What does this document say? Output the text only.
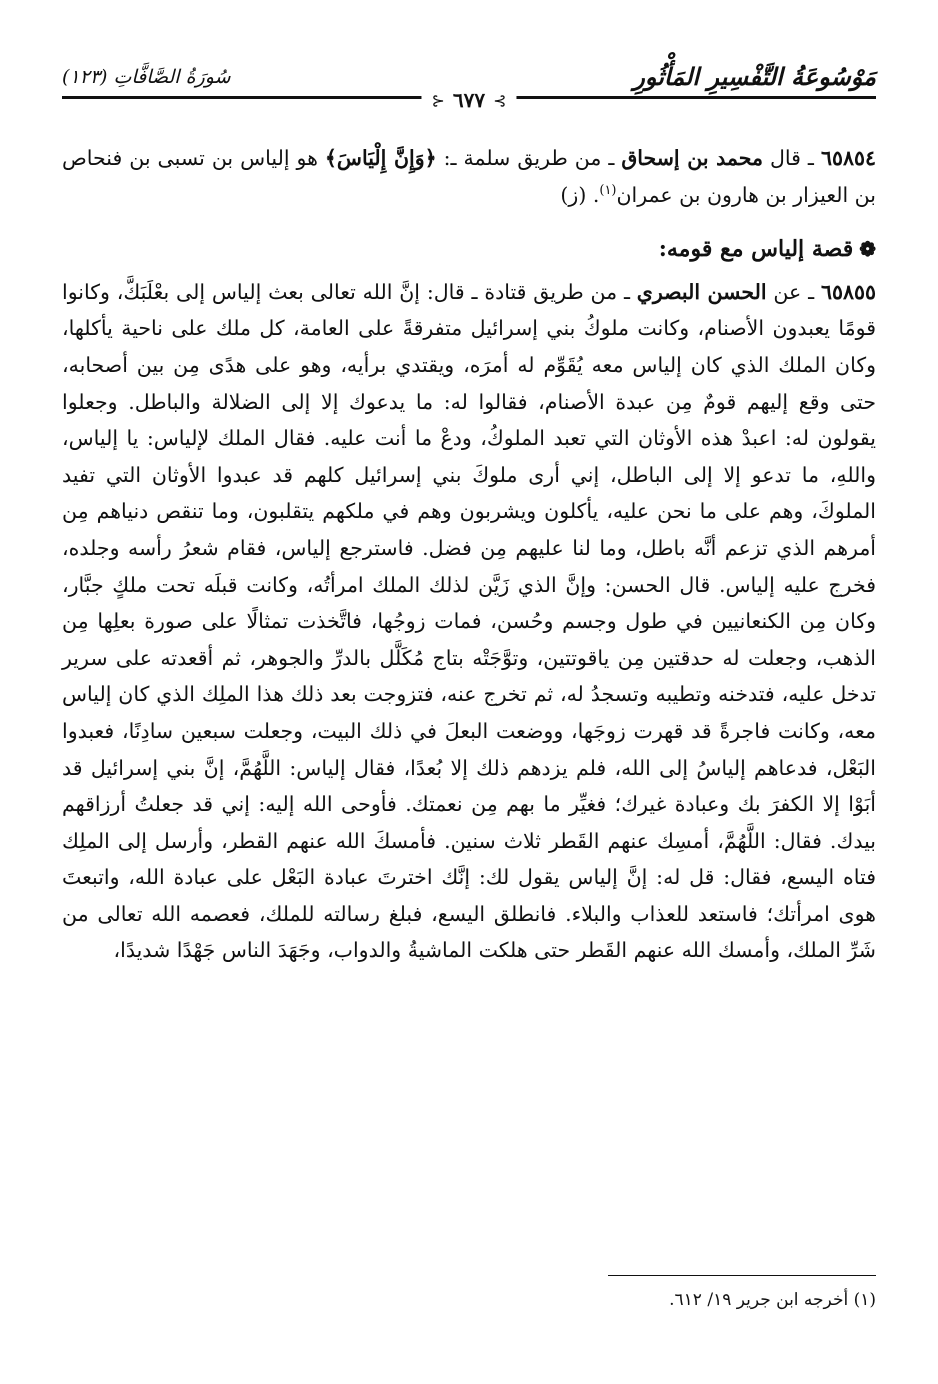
مَوْسُوعَةُ التَّفْسِيرِ المَأْثُورِ
سُورَةُ الصَّافَّاتِ (١٢٣)
⊱
٦٧٧
⊰

٦٥٨٥٤ ـ قال محمد بن إسحاق ـ من طريق سلمة ـ: ﴿وَإِنَّ إِلْيَاسَ﴾ هو إلياس بن تسبى بن فنحاص بن العيزار بن هارون بن عمران$^{(١)}$. (ز)

❁قصة إلياس مع قومه:

٦٥٨٥٥ ـ عن الحسن البصري ـ من طريق قتادة ـ قال: إنَّ الله تعالى بعث إلياس إلى بعْلَبَكَّ، وكانوا قومًا يعبدون الأصنام، وكانت ملوكُ بني إسرائيل متفرقةً على العامة، كل ملك على ناحية يأكلها، وكان الملك الذي كان إلياس معه يُقَوِّم له أمرَه، ويقتدي برأيه، وهو على هدًى مِن بين أصحابه، حتى وقع إليهم قومٌ مِن عبدة الأصنام، فقالوا له: ما يدعوك إلا إلى الضلالة والباطل. وجعلوا يقولون له: اعبدْ هذه الأوثان التي تعبد الملوكُ، ودعْ ما أنت عليه. فقال الملك لإلياس: يا إلياس، واللهِ، ما تدعو إلا إلى الباطل، إني أرى ملوكَ بني إسرائيل كلهم قد عبدوا الأوثان التي تفيد الملوكَ، وهم على ما نحن عليه، يأكلون ويشربون وهم في ملكهم يتقلبون، وما تنقص دنياهم مِن أمرهم الذي تزعم أنَّه باطل، وما لنا عليهم مِن فضل. فاسترجع إلياس، فقام شعرُ رأسه وجلده، فخرج عليه إلياس. قال الحسن: وإنَّ الذي زَيَّن لذلك الملك امرأتُه، وكانت قبلَه تحت ملكٍ جبَّار، وكان مِن الكنعانيين في طول وجسم وحُسن، فمات زوجُها، فاتَّخذت تمثالًا على صورة بعلِها مِن الذهب، وجعلت له حدقتين مِن ياقوتتين، وتوَّجَتْه بتاج مُكَلَّل بالدرِّ والجوهر، ثم أقعدته على سرير تدخل عليه، فتدخنه وتطيبه وتسجدُ له، ثم تخرج عنه، فتزوجت بعد ذلك هذا الملِك الذي كان إلياس معه، وكانت فاجرةً قد قهرت زوجَها، ووضعت البعلَ في ذلك البيت، وجعلت سبعين سادِنًا، فعبدوا البَعْل، فدعاهم إلياسُ إلى الله، فلم يزدهم ذلك إلا بُعدًا، فقال إلياس: اللَّهُمَّ، إنَّ بني إسرائيل قد أبَوْا إلا الكفرَ بك وعبادة غيرك؛ فغيِّر ما بهم مِن نعمتك. فأوحى الله إليه: إني قد جعلتُ أرزاقهم بيدك. فقال: اللَّهُمَّ، أمسِك عنهم القَطر ثلاث سنين. فأمسكَ الله عنهم القطر، وأرسل إلى الملِك فتاه اليسع، فقال: قل له: إنَّ إلياس يقول لك: إنَّك اخترتَ عبادة البَعْل على عبادة الله، واتبعتَ هوى امرأتك؛ فاستعد للعذاب والبلاء. فانطلق اليسع، فبلغ رسالته للملك، فعصمه الله تعالى من شَرِّ الملك، وأمسك الله عنهم القَطر حتى هلكت الماشيةُ والدواب، وجَهَدَ الناس جَهْدًا شديدًا،

(١) أخرجه ابن جرير ١٩/ ٦١٢.
